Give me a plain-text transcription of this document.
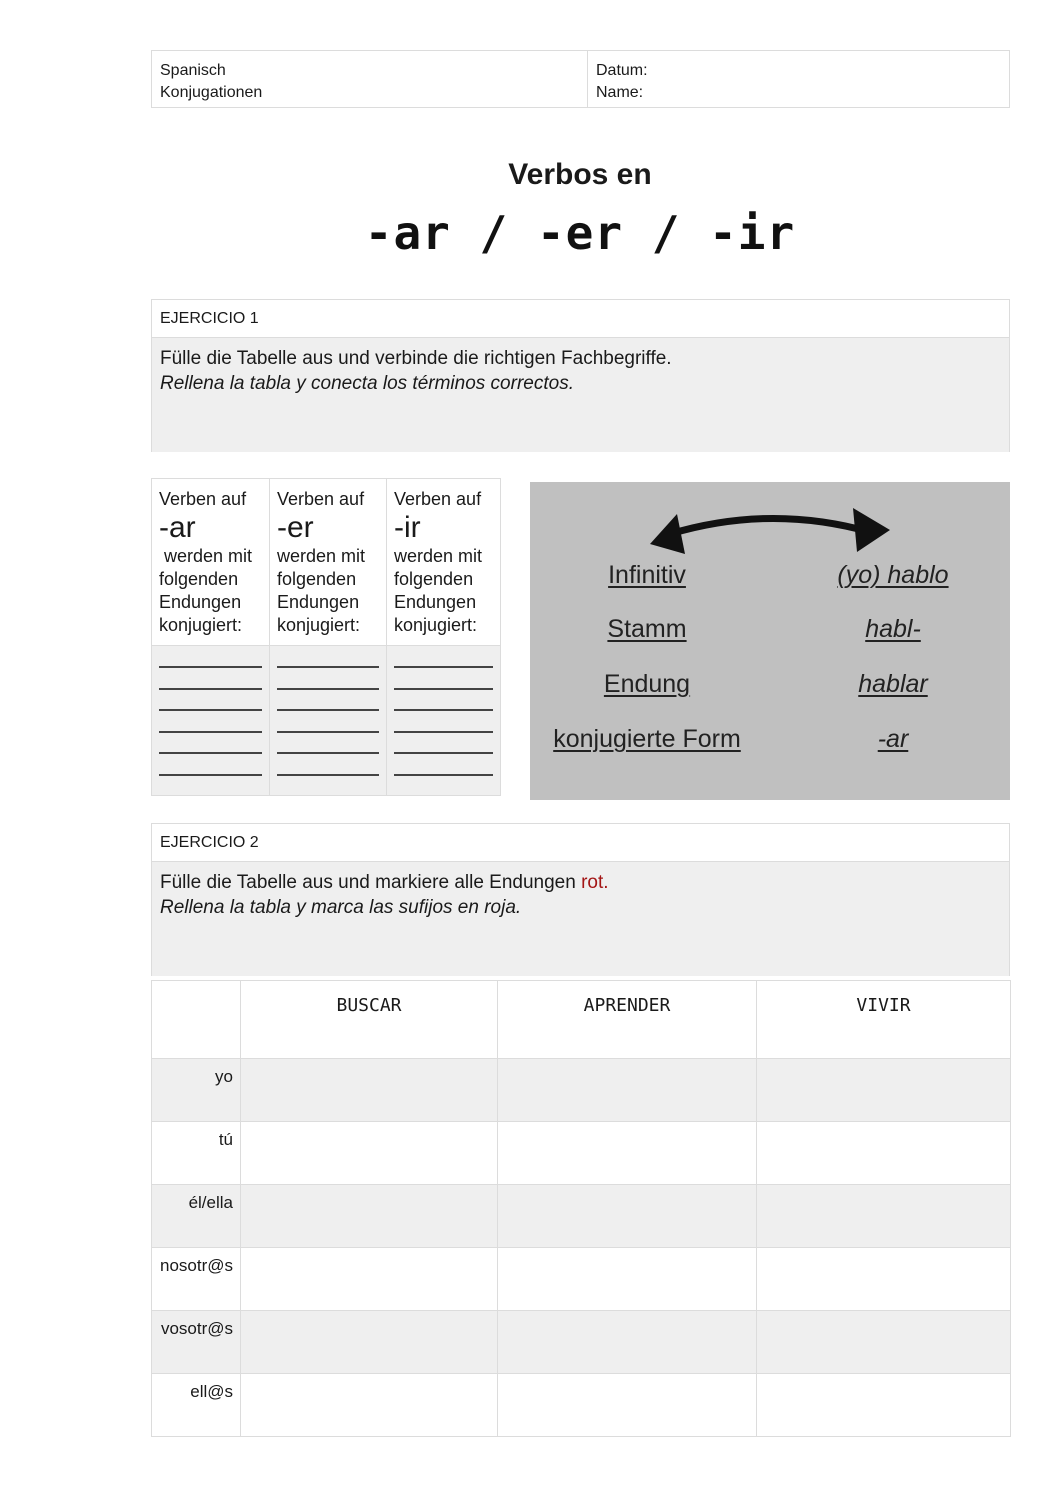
Spanisch
Konjugationen
Datum:
Name:
Verbos en
-ar / -er / -ir
EJERCICIO 1
Fülle die Tabelle aus und verbinde die richtigen Fachbegriffe.
Rellena la tabla y conecta los términos correctos.
Verben auf
-ar
werden mit folgenden Endungen konjugiert:
Verben auf
-er
werden mit folgenden Endungen konjugiert:
Verben auf
-ir
werden mit folgenden Endungen konjugiert:
Infinitiv
Stamm
Endung
konjugierte Form
(yo) hablo
habl-
hablar
-ar
EJERCICIO 2
Fülle die Tabelle aus und markiere alle Endungen rot.
Rellena la tabla y marca las sufijos en roja.
	BUSCAR	APRENDER	VIVIR
yo			
tú			
él/ella			
nosotr@s			
vosotr@s			
ell@s			
